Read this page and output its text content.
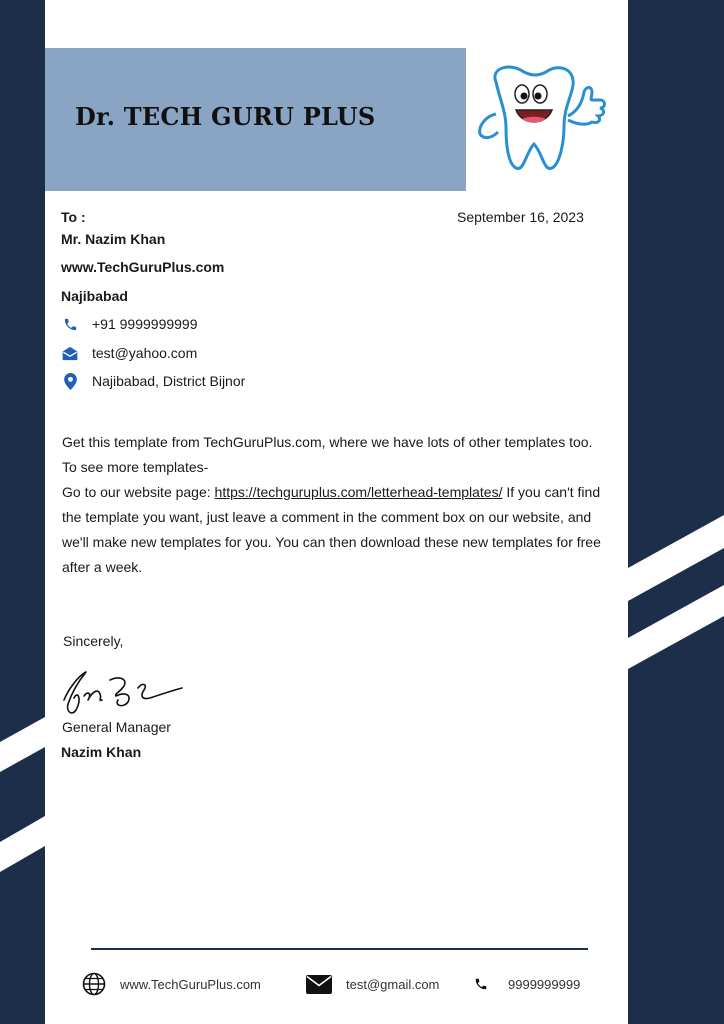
Dr. TECH GURU PLUS
To :	September 16, 2023
Mr. Nazim Khan
www.TechGuruPlus.com
Najibabad
+91 9999999999
test@yahoo.com
Najibabad, District Bijnor

Get this template from TechGuruPlus.com, where we have lots of other templates too.

To see more templates-

Go to our website page: https://techguruplus.com/letterhead-templates/ If you can't find the template you want, just leave a comment in the comment box on our website, and we'll make new templates for you. You can then download these new templates for free after a week.

Sincerely,
General Manager
Nazim Khan
www.TechGuruPlus.com	test@gmail.com	9999999999
